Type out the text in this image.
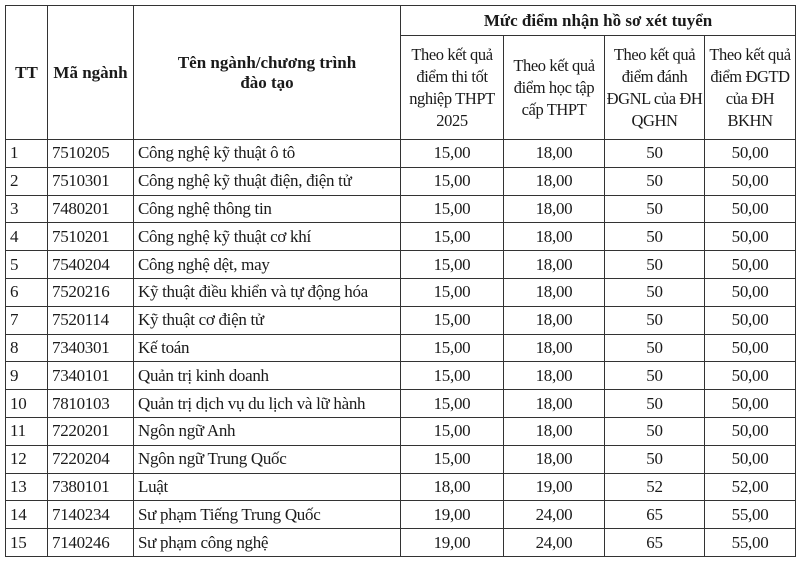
TT	Mã ngành	Tên ngành/chương trình đào tạo	Mức điểm nhận hồ sơ xét tuyển			
			Theo kết quả điểm thi tốt nghiệp THPT 2025	Theo kết quả điểm học tập cấp THPT	Theo kết quả điểm đánh ĐGNL của ĐH QGHN	Theo kết quả điểm ĐGTD của ĐH BKHN
1	7510205	Công nghệ kỹ thuật ô tô	15,00	18,00	50	50,00
2	7510301	Công nghệ kỹ thuật điện, điện tử	15,00	18,00	50	50,00
3	7480201	Công nghệ thông tin	15,00	18,00	50	50,00
4	7510201	Công nghệ kỹ thuật cơ khí	15,00	18,00	50	50,00
5	7540204	Công nghệ dệt, may	15,00	18,00	50	50,00
6	7520216	Kỹ thuật điều khiển và tự động hóa	15,00	18,00	50	50,00
7	7520114	Kỹ thuật cơ điện tử	15,00	18,00	50	50,00
8	7340301	Kế toán	15,00	18,00	50	50,00
9	7340101	Quản trị kinh doanh	15,00	18,00	50	50,00
10	7810103	Quản trị dịch vụ du lịch và lữ hành	15,00	18,00	50	50,00
11	7220201	Ngôn ngữ Anh	15,00	18,00	50	50,00
12	7220204	Ngôn ngữ Trung Quốc	15,00	18,00	50	50,00
13	7380101	Luật	18,00	19,00	52	52,00
14	7140234	Sư phạm Tiếng Trung Quốc	19,00	24,00	65	55,00
15	7140246	Sư phạm công nghệ	19,00	24,00	65	55,00
